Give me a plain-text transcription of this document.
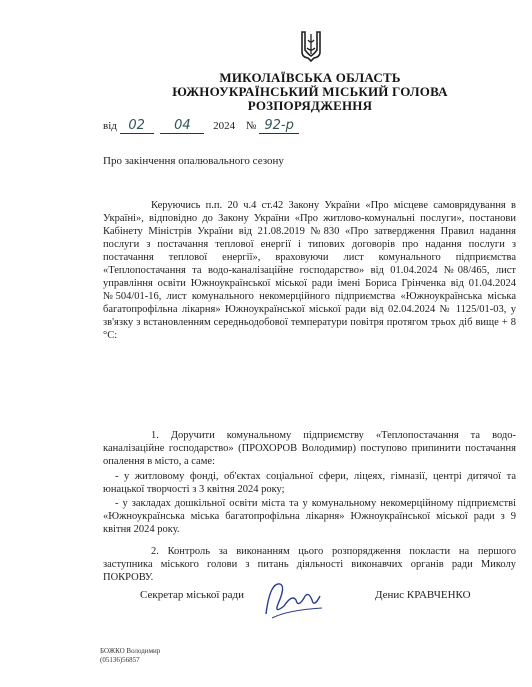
МИКОЛАЇВСЬКА ОБЛАСТЬ
ЮЖНОУКРАЇНСЬКИЙ МІСЬКИЙ ГОЛОВА
РОЗПОРЯДЖЕННЯ
від 02 04 2024 № 92-р
Про закінчення опалювального сезону
Керуючись п.п. 20 ч.4 ст.42 Закону України «Про місцеве самоврядування в Україні», відповідно до Закону України «Про житлово-комунальні послуги», постанови Кабінету Міністрів України від 21.08.2019 №830 «Про затвердження Правил надання послуги з постачання теплової енергії і типових договорів про надання послуги з постачання теплової енергії», враховуючи лист комунального підприємства «Теплопостачання та водо-каналізаційне господарство» від 01.04.2024 №08/465, лист управління освіти Южноукраїнської міської ради імені Бориса Грінченка від 01.04.2024 №504/01-16, лист комунального некомерційного підприємства «Южноукраїнська міська багатопрофільна лікарня» Южноукраїнської міської ради від 02.04.2024 № 1125/01-03, у зв'язку з встановленням середньодобової температури повітря протягом трьох діб вище + 8 °С:
1. Доручити комунальному підприємству «Теплопостачання та водо-каналізаційне господарство» (ПРОХОРОВ Володимир) поступово припинити постачання опалення в місто, а саме:
- у житловому фонді, об'єктах соціальної сфери, ліцеях, гімназії, центрі дитячої та юнацької творчості з 3 квітня 2024 року;
- у закладах дошкільної освіти міста та у комунальному некомерційному підприємстві «Южноукраїнська міська багатопрофільна лікарня» Южноукраїнської міської ради з 9 квітня 2024 року.
2. Контроль за виконанням цього розпорядження покласти на першого заступника міського голови з питань діяльності виконавчих органів ради Миколу ПОКРОВУ.
Секретар міської ради	Денис КРАВЧЕНКО
БОЖКО Володимир
(05136)56857
